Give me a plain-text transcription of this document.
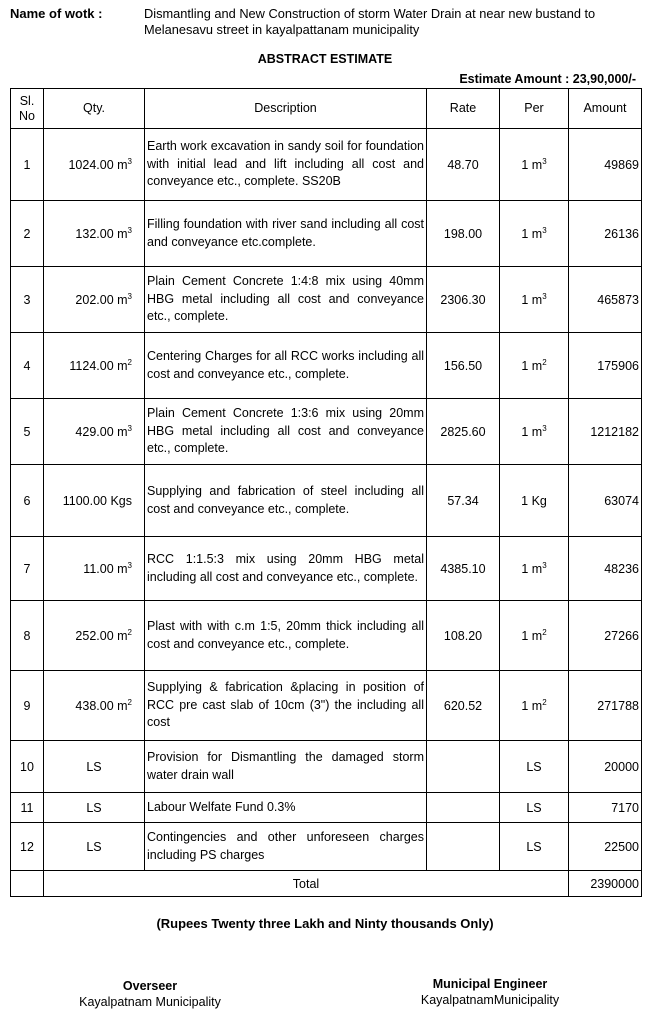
Name of wotk :	Dismantling and New Construction of storm Water Drain at near new bustand to Melanesavu street in kayalpattanam municipality
ABSTRACT ESTIMATE
Estimate Amount : 23,90,000/-
Sl. No	Qty.	Description	Rate	Per	Amount
1	1024.00 $m^3$	Earth work excavation in sandy soil for foundation with initial lead and lift including all cost and conveyance etc., complete. SS20B	48.70	1 $m^3$	49869
2	132.00 $m^3$	Filling foundation with river sand including all cost and conveyance etc.complete.	198.00	1 $m^3$	26136
3	202.00 $m^3$	Plain Cement Concrete 1:4:8 mix using 40mm HBG metal including all cost and conveyance etc., complete.	2306.30	1 $m^3$	465873
4	1124.00 $m^2$	Centering Charges for all RCC works including all cost and conveyance etc., complete.	156.50	1 $m^2$	175906
5	429.00 $m^3$	Plain Cement Concrete 1:3:6 mix using 20mm HBG metal including all cost and conveyance etc., complete.	2825.60	1 $m^3$	1212182
6	1100.00 Kgs	Supplying and fabrication of steel including all cost and conveyance etc., complete.	57.34	1 Kg	63074
7	11.00 $m^3$	RCC 1:1.5:3 mix using 20mm HBG metal including all cost and conveyance etc., complete.	4385.10	1 $m^3$	48236
8	252.00 $m^2$	Plast with with c.m 1:5, 20mm thick including all cost and conveyance etc., complete.	108.20	1 $m^2$	27266
9	438.00 $m^2$	Supplying & fabrication &placing in position of RCC pre cast slab of 10cm (3") the including all cost	620.52	1 $m^2$	271788
10	LS	Provision for Dismantling the damaged storm water drain wall		LS	20000
11	LS	Labour Welfate Fund 0.3%		LS	7170
12	LS	Contingencies and other unforeseen charges including PS charges		LS	22500
	Total				2390000
(Rupees Twenty three Lakh and Ninty thousands Only)
Overseer
Kayalpatnam Municipality
Municipal Engineer
KayalpatnamMunicipality
